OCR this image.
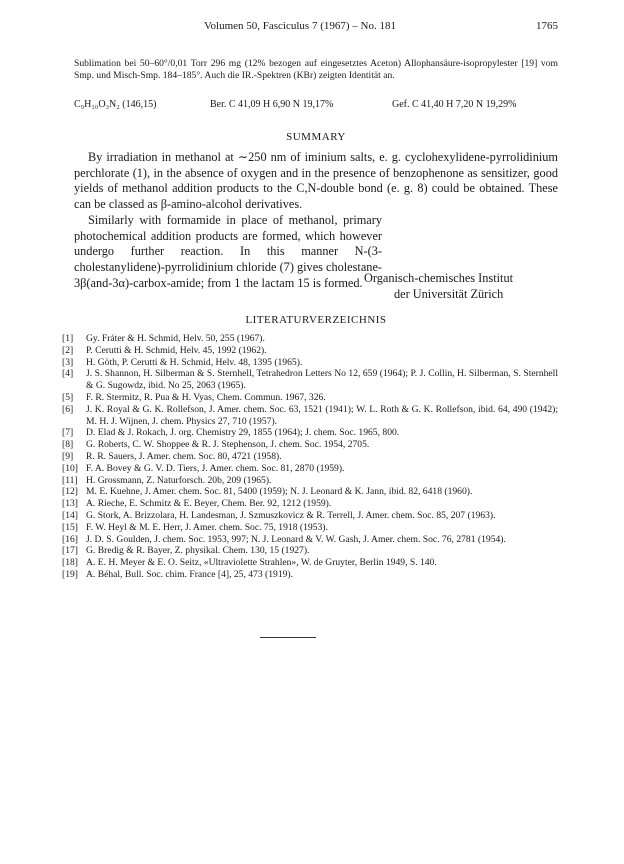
Volumen 50, Fasciculus 7 (1967) – No. 181	1765
Sublimation bei 50–60°/0,01 Torr 296 mg (12% bezogen auf eingesetztes Aceton) Allophansäure-isopropylester [19] vom Smp. und Misch-Smp. 184–185°. Auch die IR.-Spektren (KBr) zeigten Identität an.
C₉H₁₀O₃N₂ (146,15)	Ber. C 41,09 H 6,90 N 19,17%	Gef. C 41,40 H 7,20 N 19,29%
SUMMARY

By irradiation in methanol at ∼250 nm of iminium salts, e. g. cyclohexylidene-pyrrolidinium perchlorate (1), in the absence of oxygen and in the presence of benzophenone as sensitizer, good yields of methanol addition products to the C,N-double bond (e. g. 8) could be obtained. These can be classed as β-amino-alcohol derivatives.

Similarly with formamide in place of methanol, primary photochemical addition products are formed, which however undergo further reaction. In this manner N-(3-cholestanylidene)-pyrrolidinium chloride (7) gives cholestane-3β(and-3α)-carbox-amide; from 1 the lactam 15 is formed. Organisch-chemisches Institut
der Universität Zürich
LITERATURVERZEICHNIS
[1]	Gy. Fráter & H. Schmid, Helv. 50, 255 (1967).
[2]	P. Cerutti & H. Schmid, Helv. 45, 1992 (1962).
[3]	H. Göth, P. Cerutti & H. Schmid, Helv. 48, 1395 (1965).
[4]	J. S. Shannon, H. Silberman & S. Sternhell, Tetrahedron Letters No 12, 659 (1964); P. J. Collin, H. Silberman, S. Sternhell & G. Sugowdz, ibid. No 25, 2063 (1965).
[5]	F. R. Stermitz, R. Pua & H. Vyas, Chem. Commun. 1967, 326.
[6]	J. K. Royal & G. K. Rollefson, J. Amer. chem. Soc. 63, 1521 (1941); W. L. Roth & G. K. Rollefson, ibid. 64, 490 (1942); M. H. J. Wijnen, J. chem. Physics 27, 710 (1957).
[7]	D. Elad & J. Rokach, J. org. Chemistry 29, 1855 (1964); J. chem. Soc. 1965, 800.
[8]	G. Roberts, C. W. Shoppee & R. J. Stephenson, J. chem. Soc. 1954, 2705.
[9]	R. R. Sauers, J. Amer. chem. Soc. 80, 4721 (1958).
[10] F. A. Bovey & G. V. D. Tiers, J. Amer. chem. Soc. 81, 2870 (1959).
[11] H. Grossmann, Z. Naturforsch. 20b, 209 (1965).
[12] M. E. Kuehne, J. Amer. chem. Soc. 81, 5400 (1959); N. J. Leonard & K. Jann, ibid. 82, 6418 (1960).
[13] A. Rieche, E. Schmitz & E. Beyer, Chem. Ber. 92, 1212 (1959).
[14] G. Stork, A. Brizzolara, H. Landesman, J. Szmuszkovicz & R. Terrell, J. Amer. chem. Soc. 85, 207 (1963).
[15] F. W. Heyl & M. E. Herr, J. Amer. chem. Soc. 75, 1918 (1953).
[16] J. D. S. Goulden, J. chem. Soc. 1953, 997; N. J. Leonard & V. W. Gash, J. Amer. chem. Soc. 76, 2781 (1954).
[17] G. Bredig & R. Bayer, Z. physikal. Chem. 130, 15 (1927).
[18] A. E. H. Meyer & E. O. Seitz, «Ultraviolette Strahlen», W. de Gruyter, Berlin 1949, S. 140.
[19] A. Béhal, Bull. Soc. chim. France [4], 25, 473 (1919).
